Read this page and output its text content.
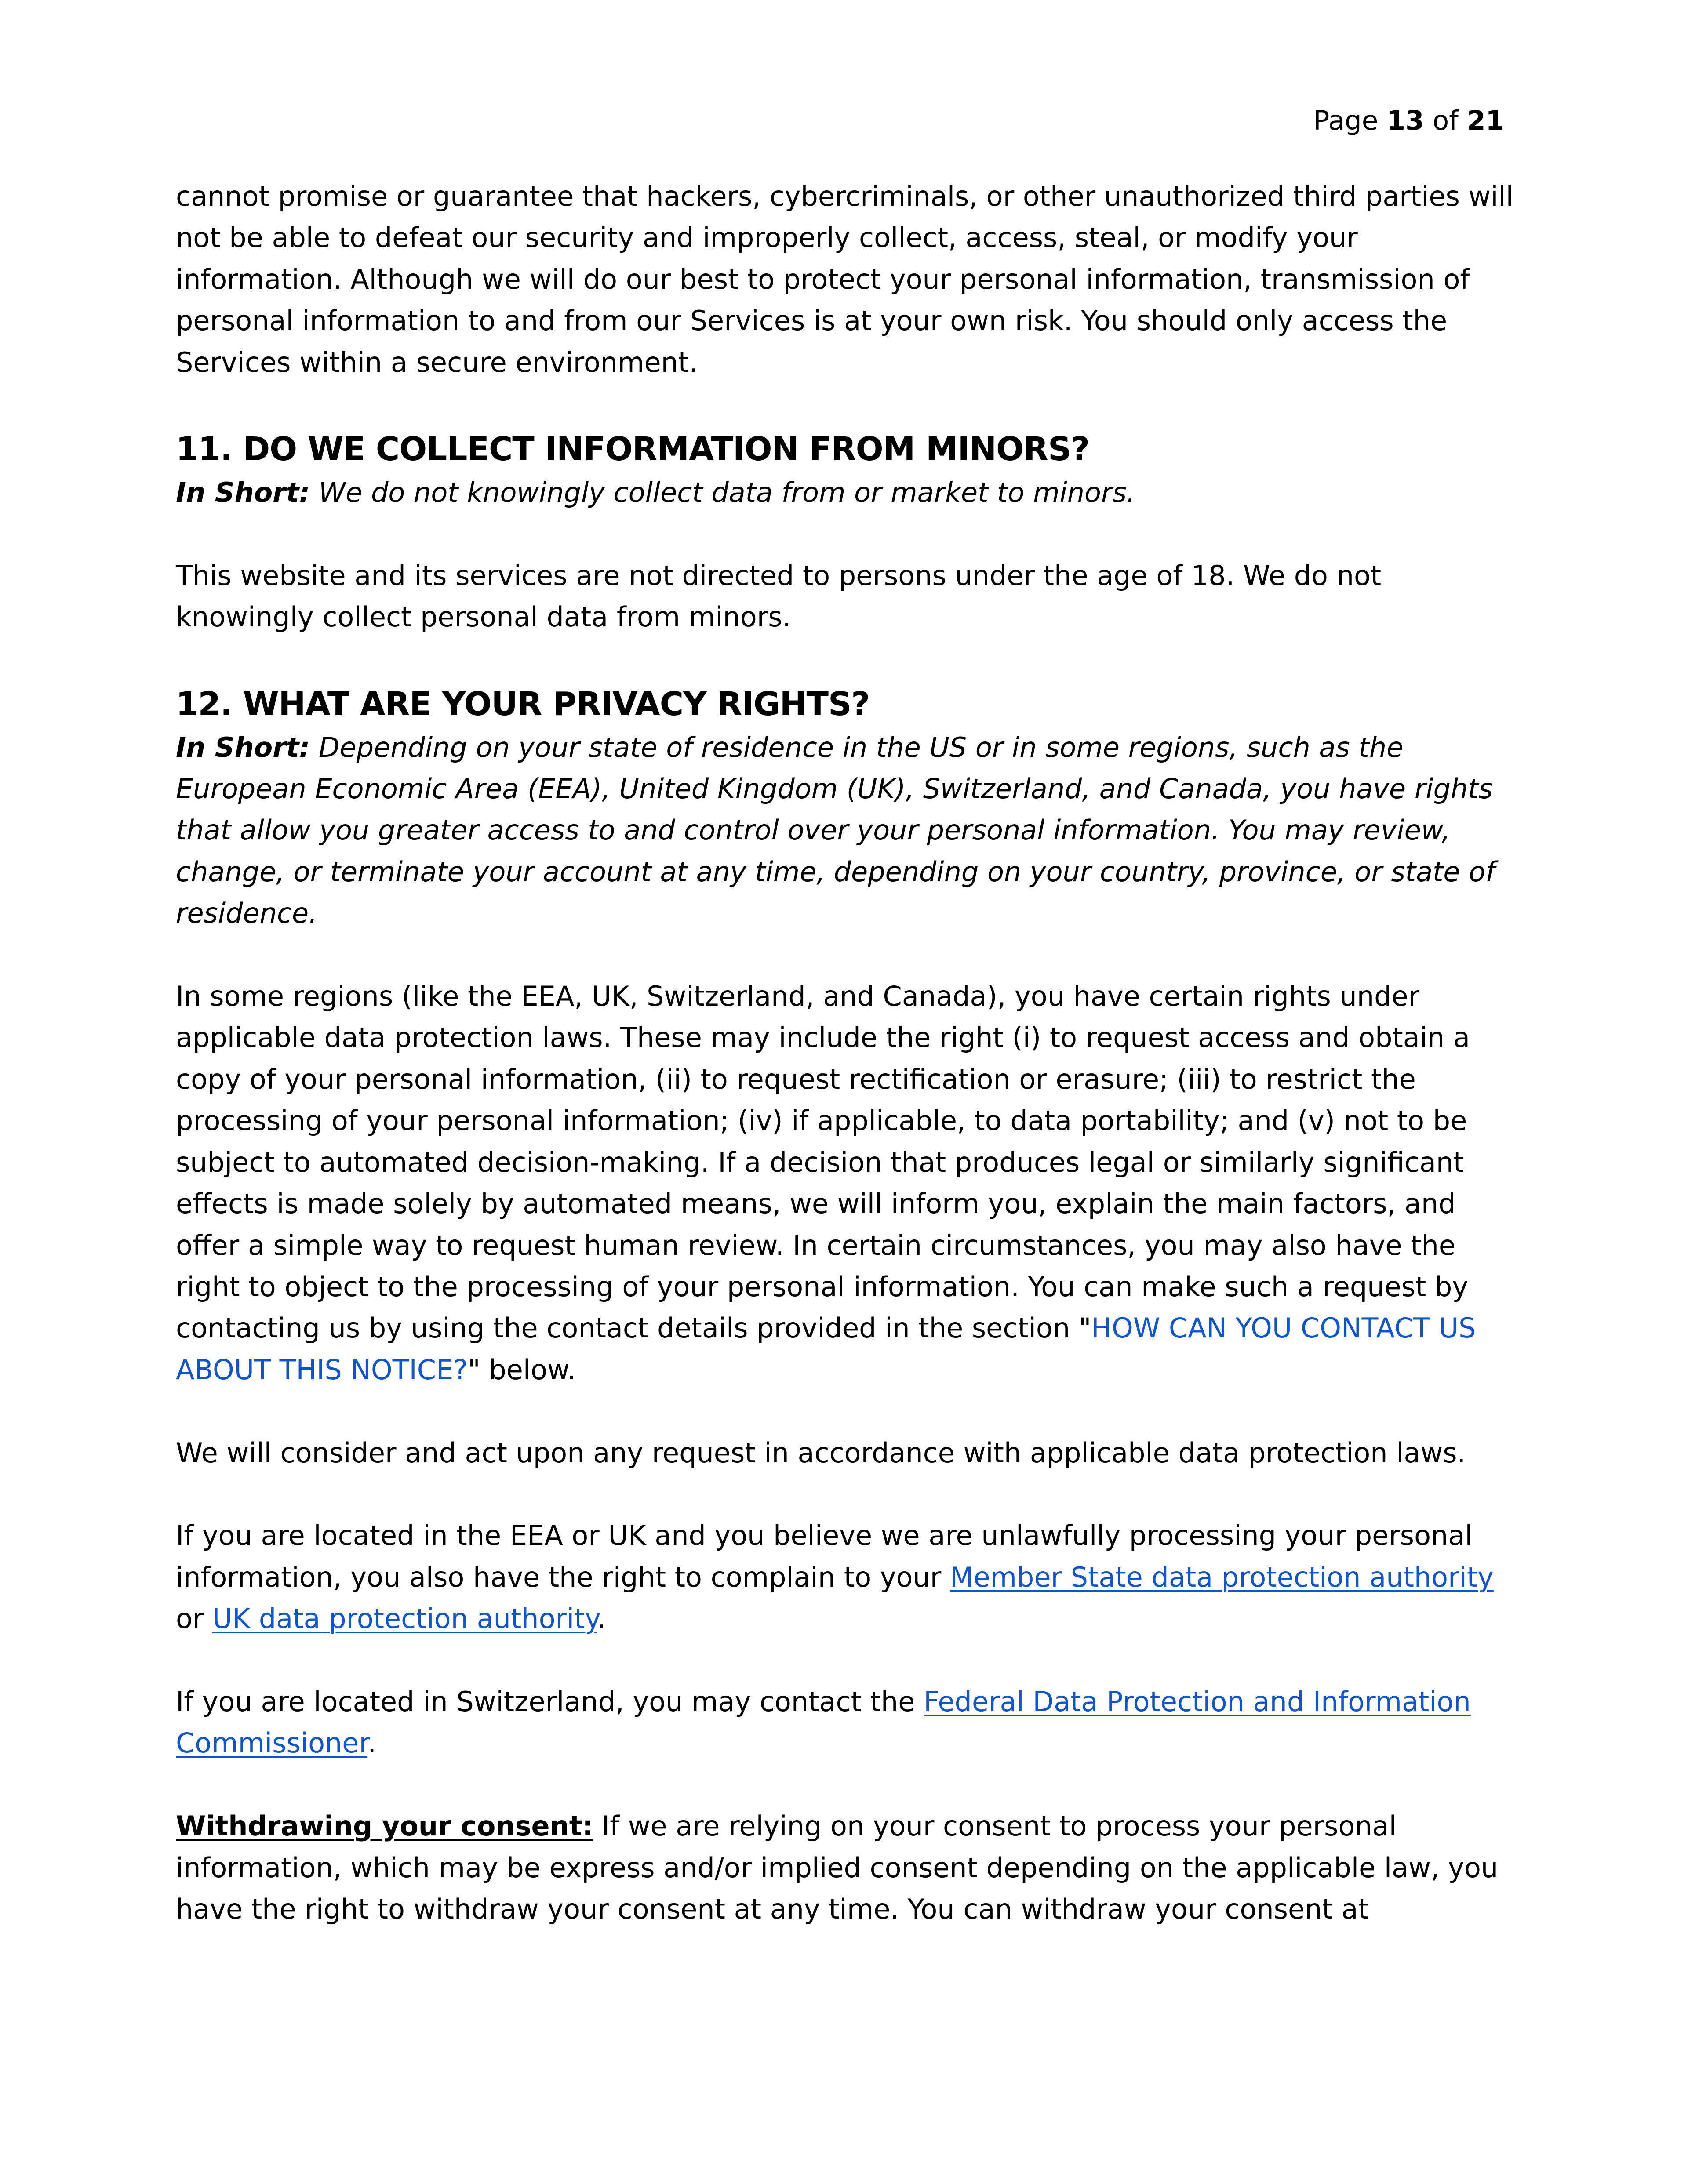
Page 13 of 21

cannot promise or guarantee that hackers, cybercriminals, or other unauthorized third parties will not be able to defeat our security and improperly collect, access, steal, or modify your information. Although we will do our best to protect your personal information, transmission of personal information to and from our Services is at your own risk. You should only access the Services within a secure environment.

11. DO WE COLLECT INFORMATION FROM MINORS?

In Short: We do not knowingly collect data from or market to minors.

This website and its services are not directed to persons under the age of 18. We do not knowingly collect personal data from minors.

12. WHAT ARE YOUR PRIVACY RIGHTS?

In Short: Depending on your state of residence in the US or in some regions, such as the European Economic Area (EEA), United Kingdom (UK), Switzerland, and Canada, you have rights that allow you greater access to and control over your personal information. You may review, change, or terminate your account at any time, depending on your country, province, or state of residence.

In some regions (like the EEA, UK, Switzerland, and Canada), you have certain rights under applicable data protection laws. These may include the right (i) to request access and obtain a copy of your personal information, (ii) to request rectification or erasure; (iii) to restrict the processing of your personal information; (iv) if applicable, to data portability; and (v) not to be subject to automated decision-making. If a decision that produces legal or similarly significant effects is made solely by automated means, we will inform you, explain the main factors, and offer a simple way to request human review. In certain circumstances, you may also have the right to object to the processing of your personal information. You can make such a request by contacting us by using the contact details provided in the section "HOW CAN YOU CONTACT US ABOUT THIS NOTICE?" below.

We will consider and act upon any request in accordance with applicable data protection laws.

If you are located in the EEA or UK and you believe we are unlawfully processing your personal information, you also have the right to complain to your Member State data protection authority or UK data protection authority.

If you are located in Switzerland, you may contact the Federal Data Protection and Information Commissioner.

Withdrawing your consent: If we are relying on your consent to process your personal information, which may be express and/or implied consent depending on the applicable law, you have the right to withdraw your consent at any time. You can withdraw your consent at
